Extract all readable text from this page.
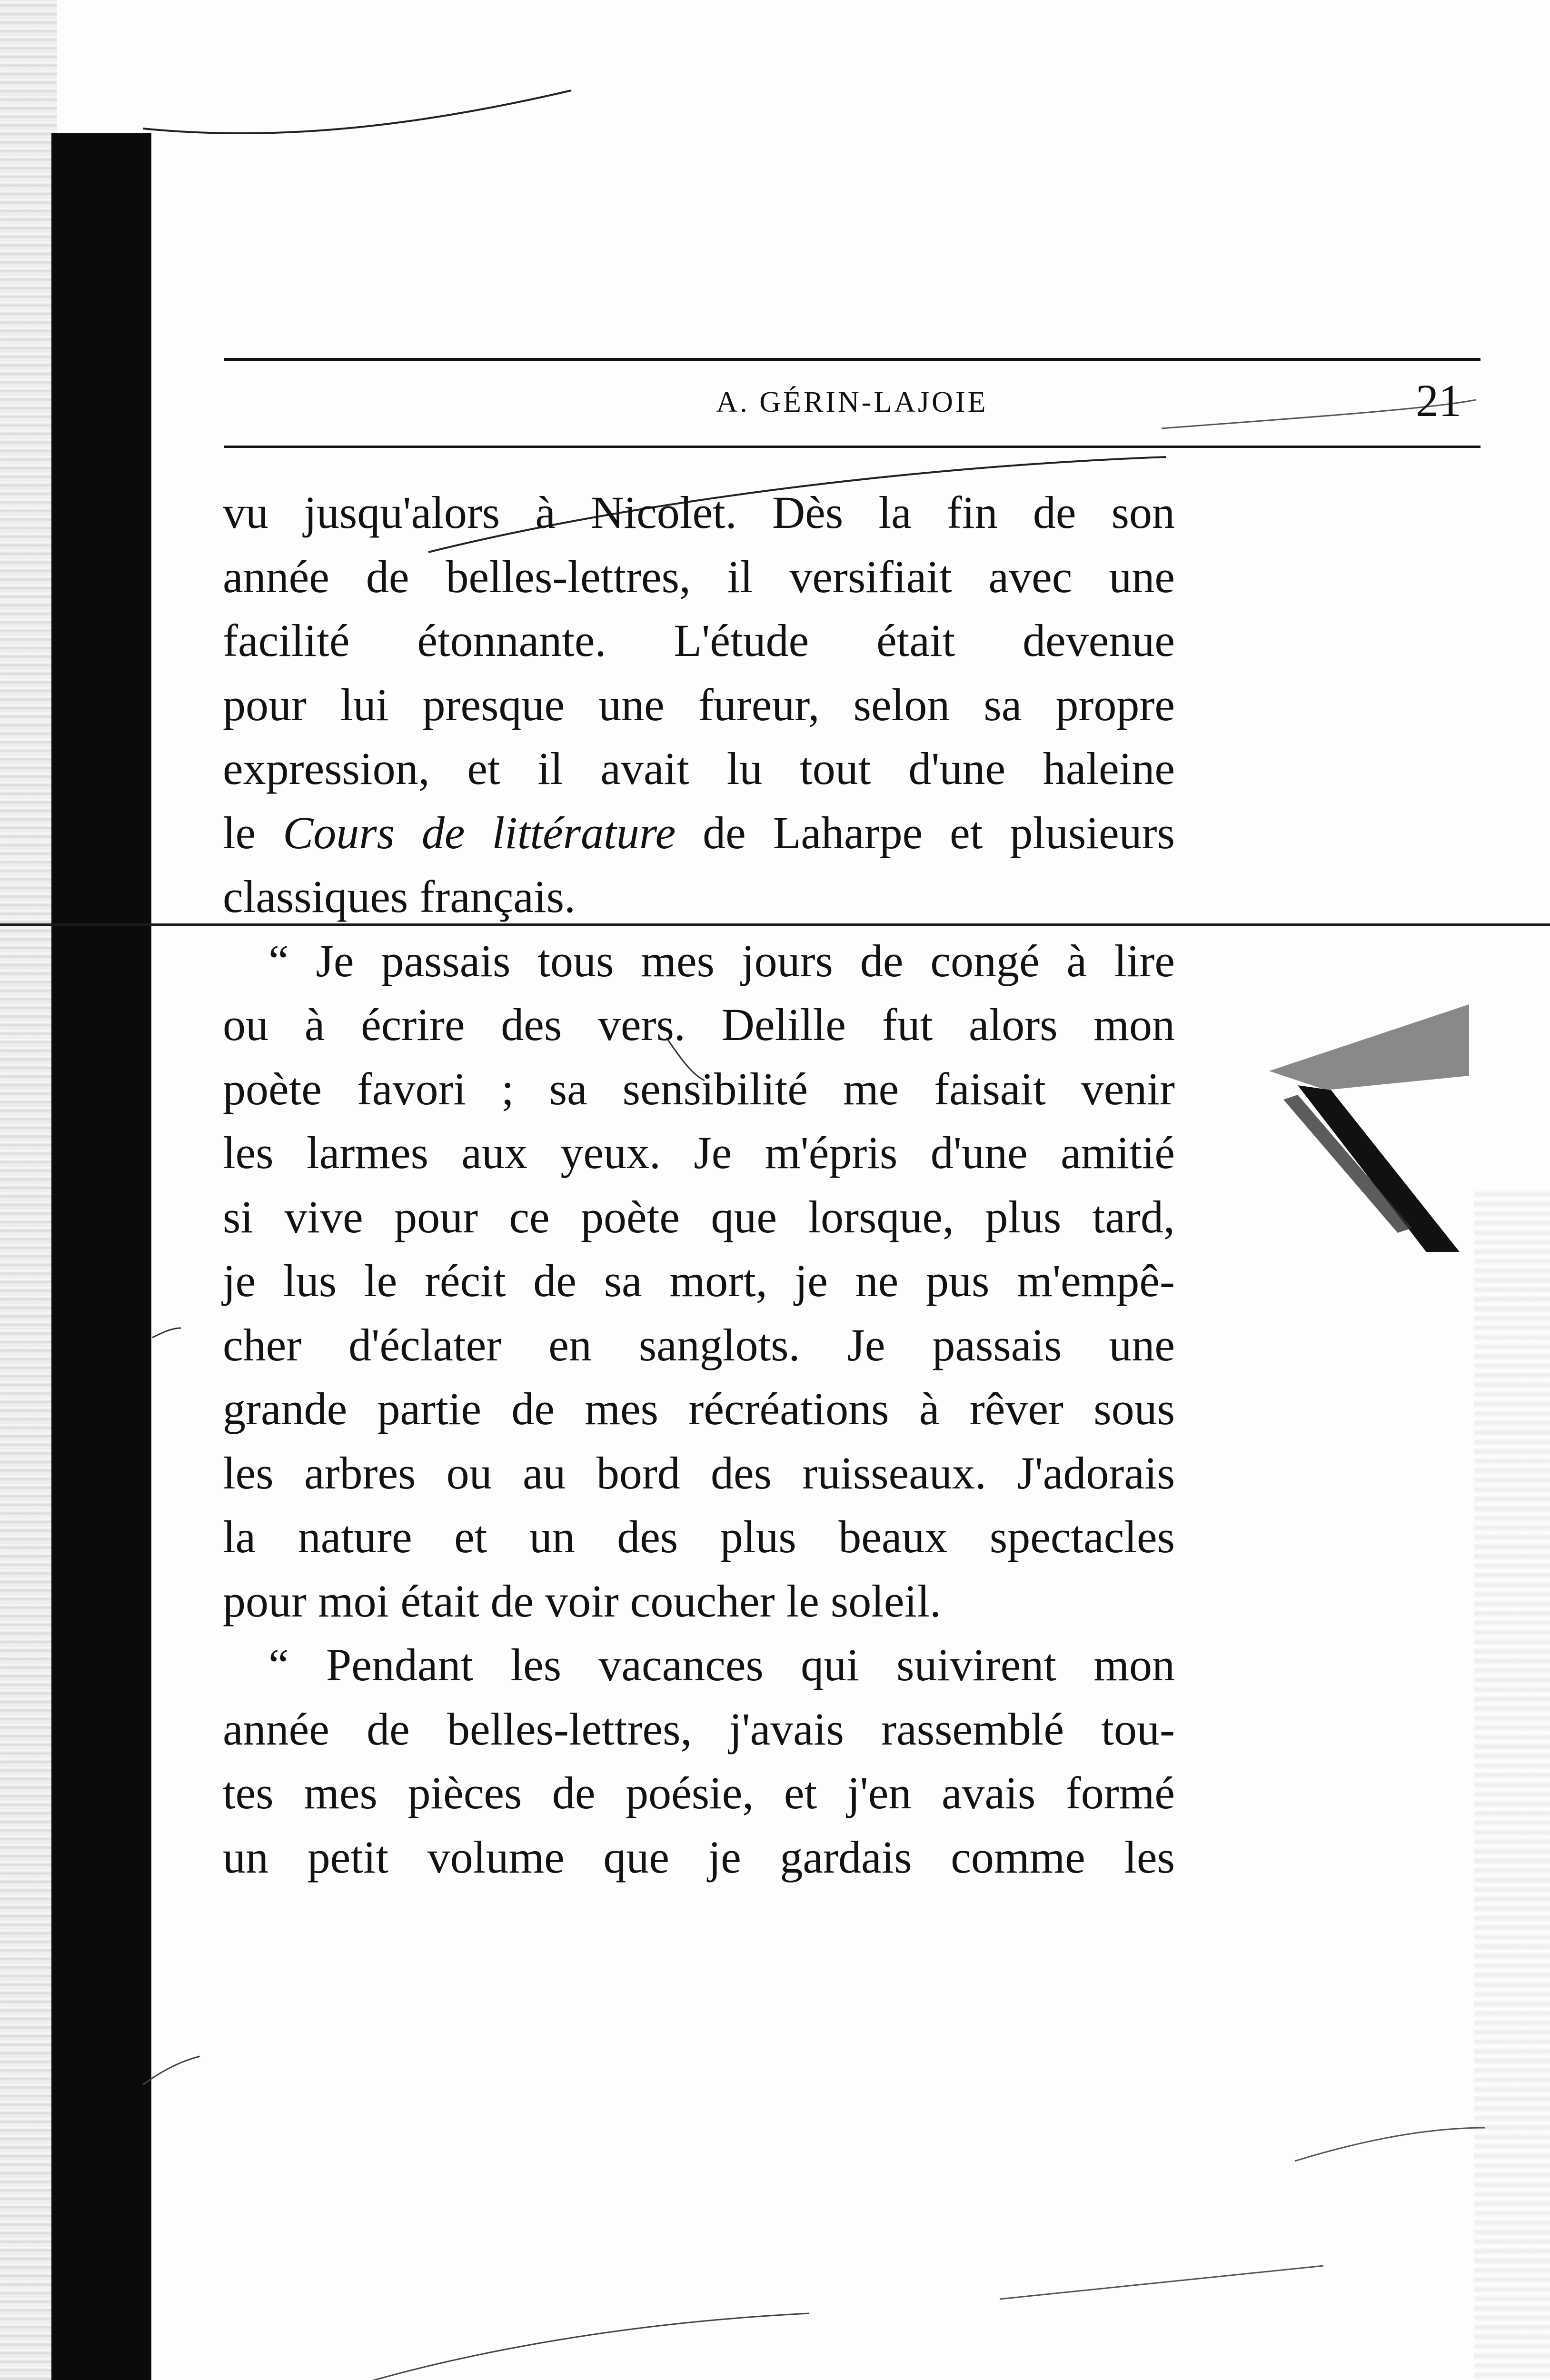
A. GÉRIN-LAJOIE	21
vu jusqu'alors à Nicolet. Dès la fin de son
année de belles-lettres, il versifiait avec une
facilité étonnante. L'étude était devenue
pour lui presque une fureur, selon sa propre
expression, et il avait lu tout d'une haleine
le Cours de littérature de Laharpe et plusieurs
classiques français.
“ Je passais tous mes jours de congé à lire
ou à écrire des vers. Delille fut alors mon
poète favori ; sa sensibilité me faisait venir
les larmes aux yeux. Je m'épris d'une amitié
si vive pour ce poète que lorsque, plus tard,
je lus le récit de sa mort, je ne pus m'empê-
cher d'éclater en sanglots. Je passais une
grande partie de mes récréations à rêver sous
les arbres ou au bord des ruisseaux. J'adorais
la nature et un des plus beaux spectacles
pour moi était de voir coucher le soleil.
“ Pendant les vacances qui suivirent mon
année de belles-lettres, j'avais rassemblé tou-
tes mes pièces de poésie, et j'en avais formé
un petit volume que je gardais comme les
